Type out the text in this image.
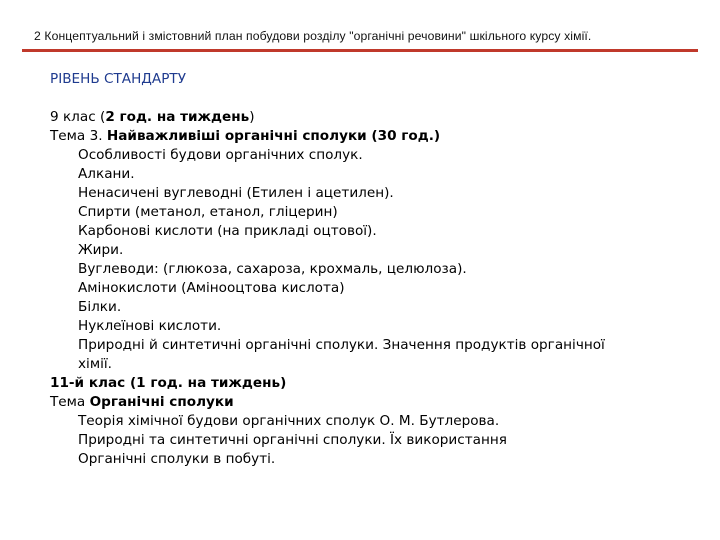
2 Концептуальний і змістовний план побудови розділу "органічні речовини" шкільного курсу хімії.
РІВЕНЬ СТАНДАРТУ
9 клас (2 год. на тиждень)
Тема 3. Найважливіші органічні сполуки (30 год.)
Особливості будови органічних сполук.
Алкани.
Ненасичені вуглеводні (Етилен і ацетилен).
Спирти (метанол, етанол, гліцерин)
Карбонові кислоти (на прикладі оцтової).
Жири.
Вуглеводи: (глюкоза, сахароза, крохмаль, целюлоза).
Амінокислоти (Аміноοцтова кислота)
Білки.
Нуклеїнові кислоти.
Природні й синтетичні органічні сполуки. Значення продуктів органічної хімії.
11-й клас (1 год. на тиждень)
Тема Органічні сполуки
Теорія хімічної будови органічних сполук О. М. Бутлерова.
Природні та синтетичні органічні сполуки. Їх використання
Органічні сполуки в побуті.
